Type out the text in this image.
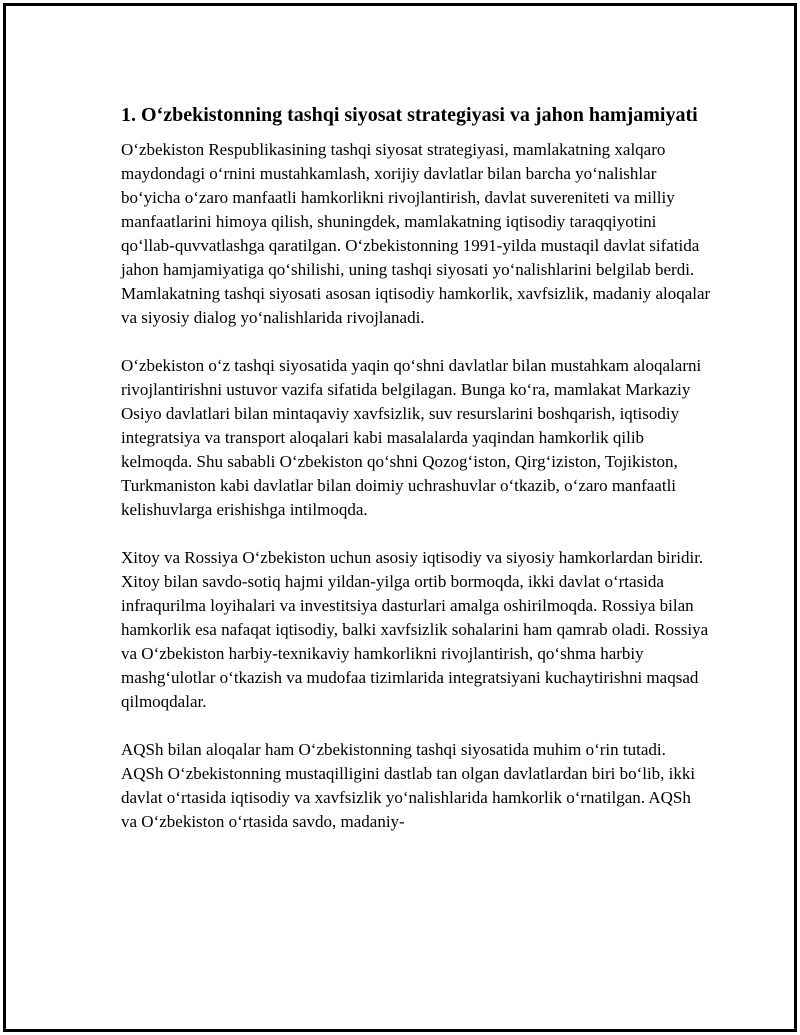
1. O‘zbekistonning tashqi siyosat strategiyasi va jahon hamjamiyati

O‘zbekiston Respublikasining tashqi siyosat strategiyasi, mamlakatning xalqaro maydondagi o‘rnini mustahkamlash, xorijiy davlatlar bilan barcha yo‘nalishlar bo‘yicha o‘zaro manfaatli hamkorlikni rivojlantirish, davlat suvereniteti va milliy manfaatlarini himoya qilish, shuningdek, mamlakatning iqtisodiy taraqqiyotini qo‘llab-quvvatlashga qaratilgan. O‘zbekistonning 1991-yilda mustaqil davlat sifatida jahon hamjamiyatiga qo‘shilishi, uning tashqi siyosati yo‘nalishlarini belgilab berdi. Mamlakatning tashqi siyosati asosan iqtisodiy hamkorlik, xavfsizlik, madaniy aloqalar va siyosiy dialog yo‘nalishlarida rivojlanadi.

O‘zbekiston o‘z tashqi siyosatida yaqin qo‘shni davlatlar bilan mustahkam aloqalarni rivojlantirishni ustuvor vazifa sifatida belgilagan. Bunga ko‘ra, mamlakat Markaziy Osiyo davlatlari bilan mintaqaviy xavfsizlik, suv resurslarini boshqarish, iqtisodiy integratsiya va transport aloqalari kabi masalalarda yaqindan hamkorlik qilib kelmoqda. Shu sababli O‘zbekiston qo‘shni Qozog‘iston, Qirg‘iziston, Tojikiston, Turkmaniston kabi davlatlar bilan doimiy uchrashuvlar o‘tkazib, o‘zaro manfaatli kelishuvlarga erishishga intilmoqda.

Xitoy va Rossiya O‘zbekiston uchun asosiy iqtisodiy va siyosiy hamkorlardan biridir. Xitoy bilan savdo-sotiq hajmi yildan-yilga ortib bormoqda, ikki davlat o‘rtasida infraqurilma loyihalari va investitsiya dasturlari amalga oshirilmoqda. Rossiya bilan hamkorlik esa nafaqat iqtisodiy, balki xavfsizlik sohalarini ham qamrab oladi. Rossiya va O‘zbekiston harbiy-texnikaviy hamkorlikni rivojlantirish, qo‘shma harbiy mashg‘ulotlar o‘tkazish va mudofaa tizimlarida integratsiyani kuchaytirishni maqsad qilmoqdalar.

AQSh bilan aloqalar ham O‘zbekistonning tashqi siyosatida muhim o‘rin tutadi. AQSh O‘zbekistonning mustaqilligini dastlab tan olgan davlatlardan biri bo‘lib, ikki davlat o‘rtasida iqtisodiy va xavfsizlik yo‘nalishlarida hamkorlik o‘rnatilgan. AQSh va O‘zbekiston o‘rtasida savdo, madaniy-
